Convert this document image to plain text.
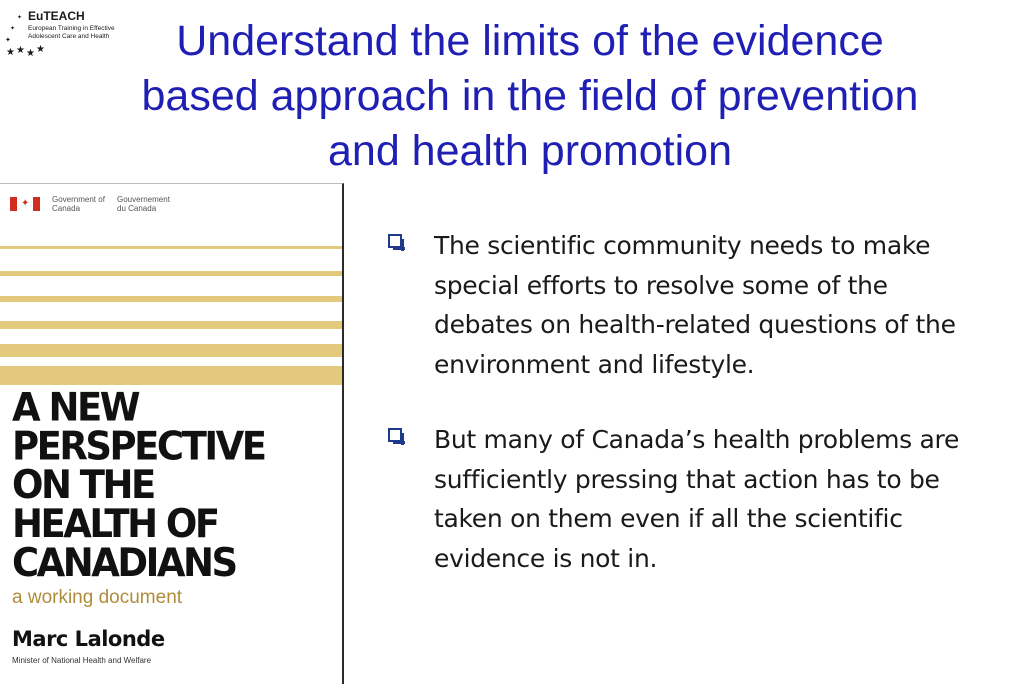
★ ★ ★ ★
✦
✦
✦ EuTEACH
European Training in Effective Adolescent Care and Health	Understand the limits of the evidence
based approach in the field of prevention
and health promotion
✦	Government of Canada
Gouvernement du Canada
A NEW
PERSPECTIVE
ON THE
HEALTH OF
CANADIANS
a working document
Marc Lalonde
Minister of National Health and Welfare
The scientific community needs to make special efforts to resolve some of the debates on health-related questions of the environment and lifestyle.
But many of Canada’s health problems are sufficiently pressing that action has to be taken on them even if all the scientific evidence is not in.
